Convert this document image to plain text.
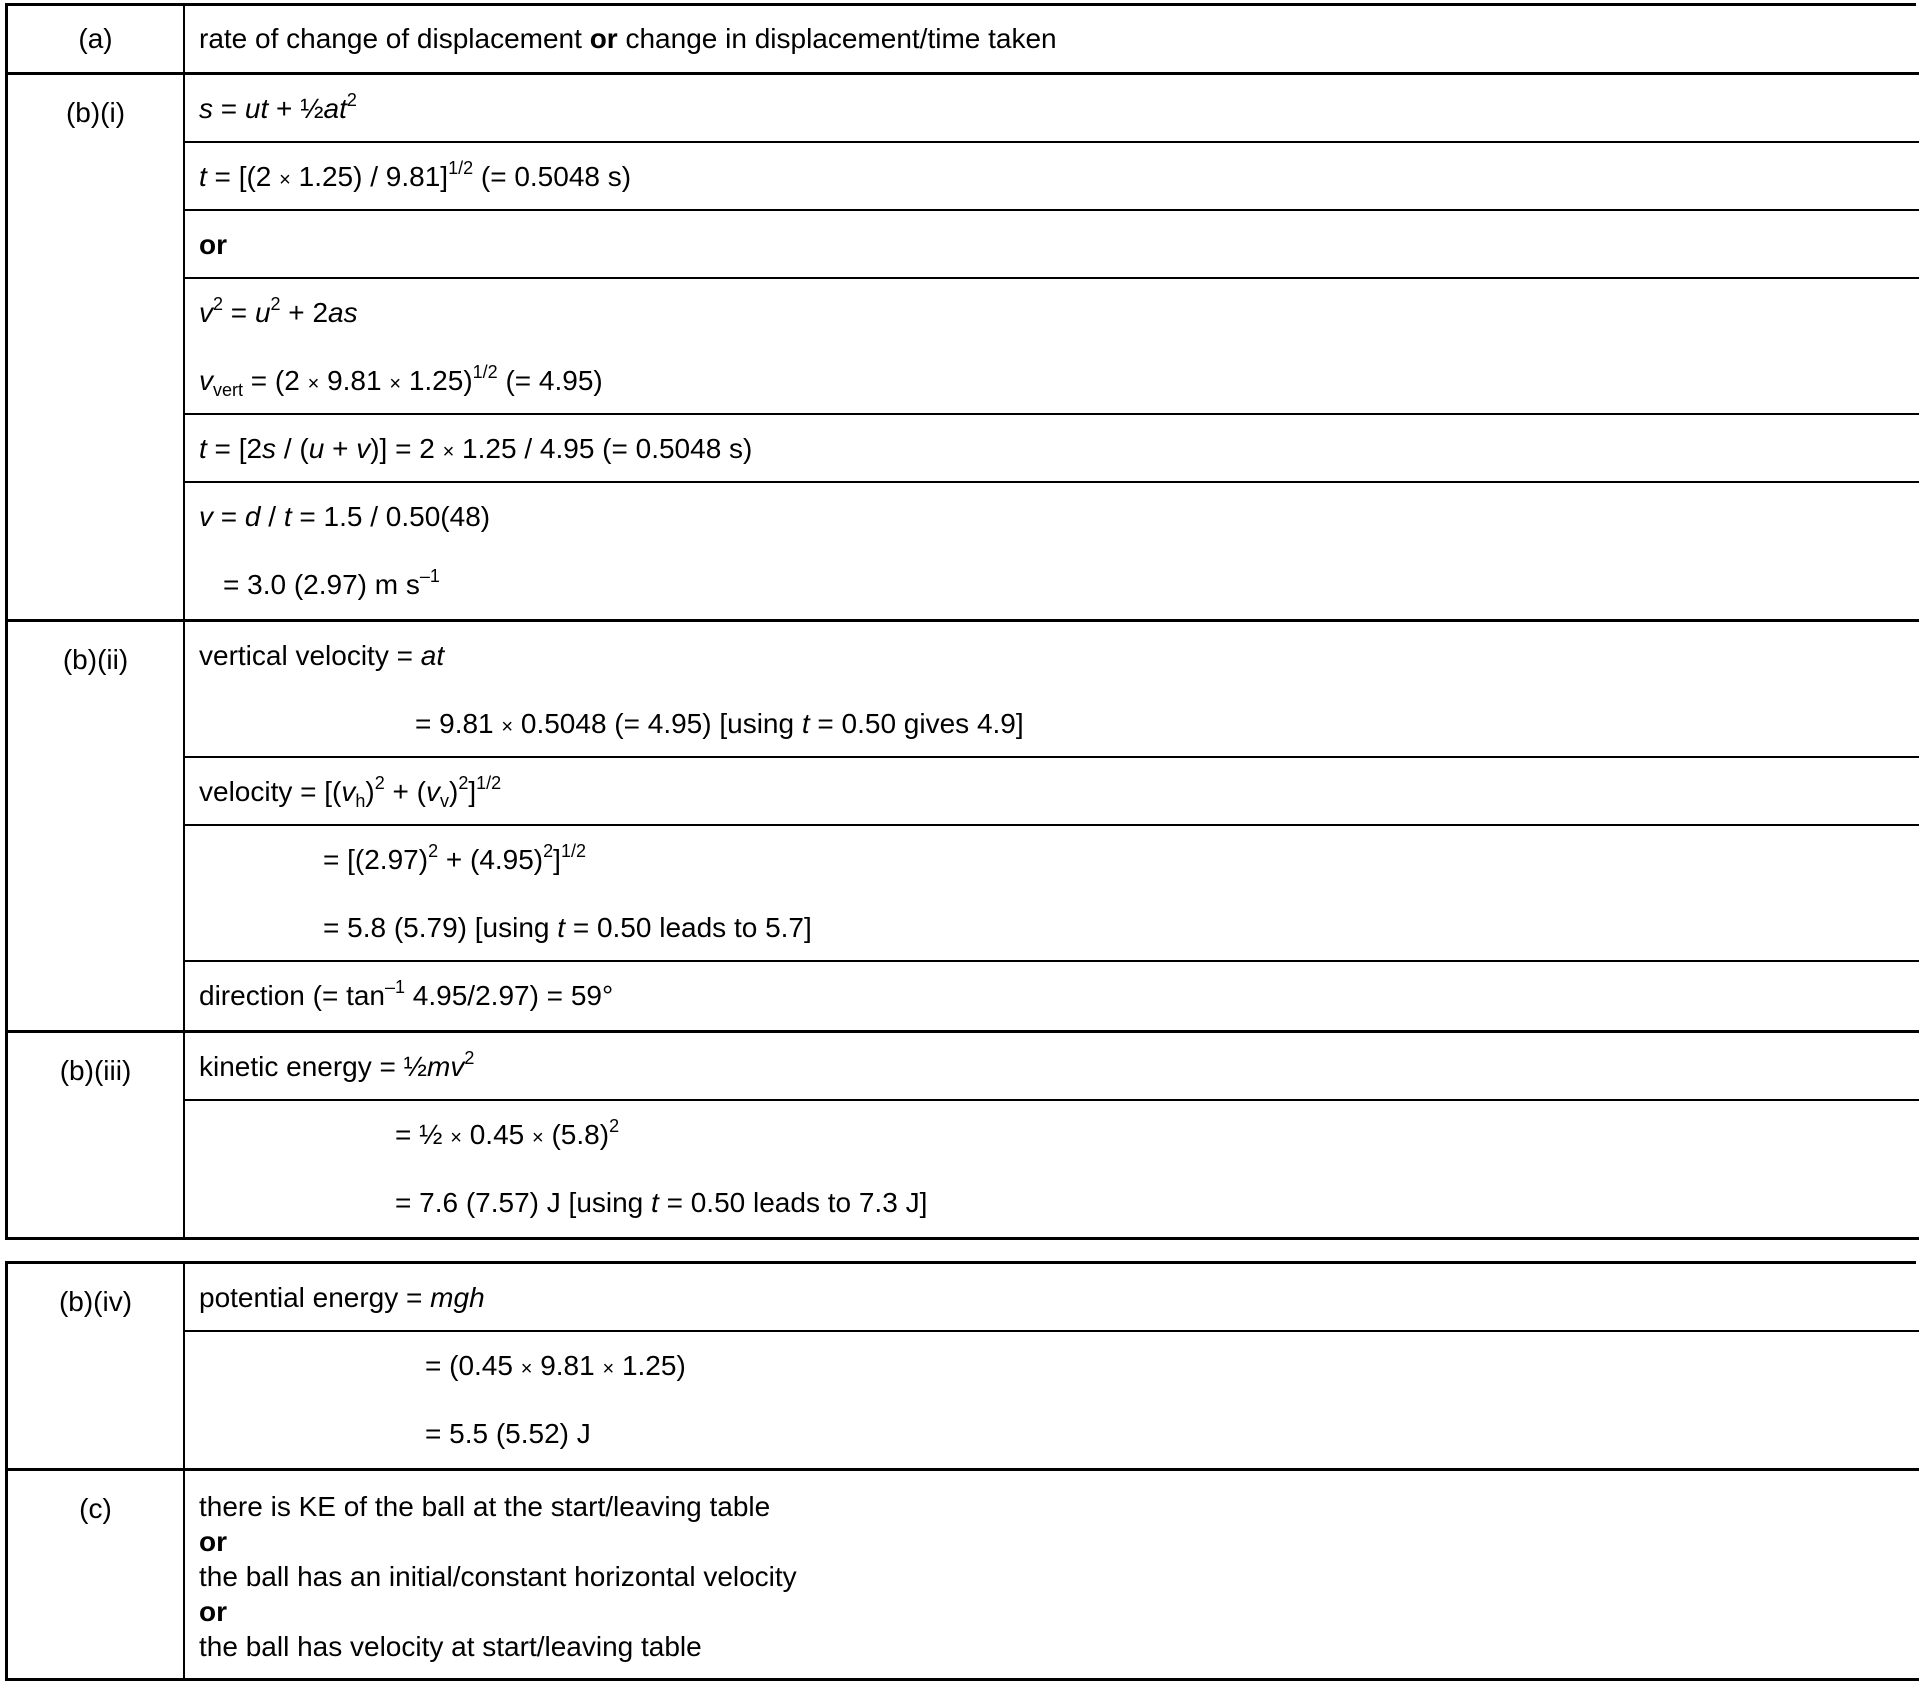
(a)	rate of change of displacement or change in displacement/time taken
(b)(i)	s = ut + $\frac{1}{2}at^2$
$t = [(2 \times 1.25) / 9.81]^{1/2}$ (= 0.5048 s)
or
$v^2 = u^2 + 2as$
$v_{vert} = (2 \times 9.81 \times 1.25)^{1/2}$ (= 4.95)
t = [2s / (u + v)] = 2 × 1.25 / 4.95 (= 0.5048 s)
v = d / t = 1.5 / 0.50(48)
= 3.0 (2.97) m $s^{-1}$
(b)(ii)	vertical velocity = at
= 9.81 × 0.5048 (= 4.95) [using t = 0.50 gives 4.9]
velocity = $[(v_h)^2 + (v_v)^2]^{1/2}$
= $[(2.97)^2 + (4.95)^2]^{1/2}$
= 5.8 (5.79) [using t = 0.50 leads to 5.7]
direction (= $\tan^{-1} 4.95/2.97) = 59^\circ$
(b)(iii)	kinetic energy = $\frac{1}{2}mv^2$
= ½ × $0.45 \times (5.8)^2$
= 7.6 (7.57) J [using t = 0.50 leads to 7.3 J]
(b)(iv)	potential energy = mgh
= (0.45 × 9.81 × 1.25)
= 5.5 (5.52) J
(c)	there is KE of the ball at the start/leaving table
or
the ball has an initial/constant horizontal velocity
or
the ball has velocity at start/leaving table
